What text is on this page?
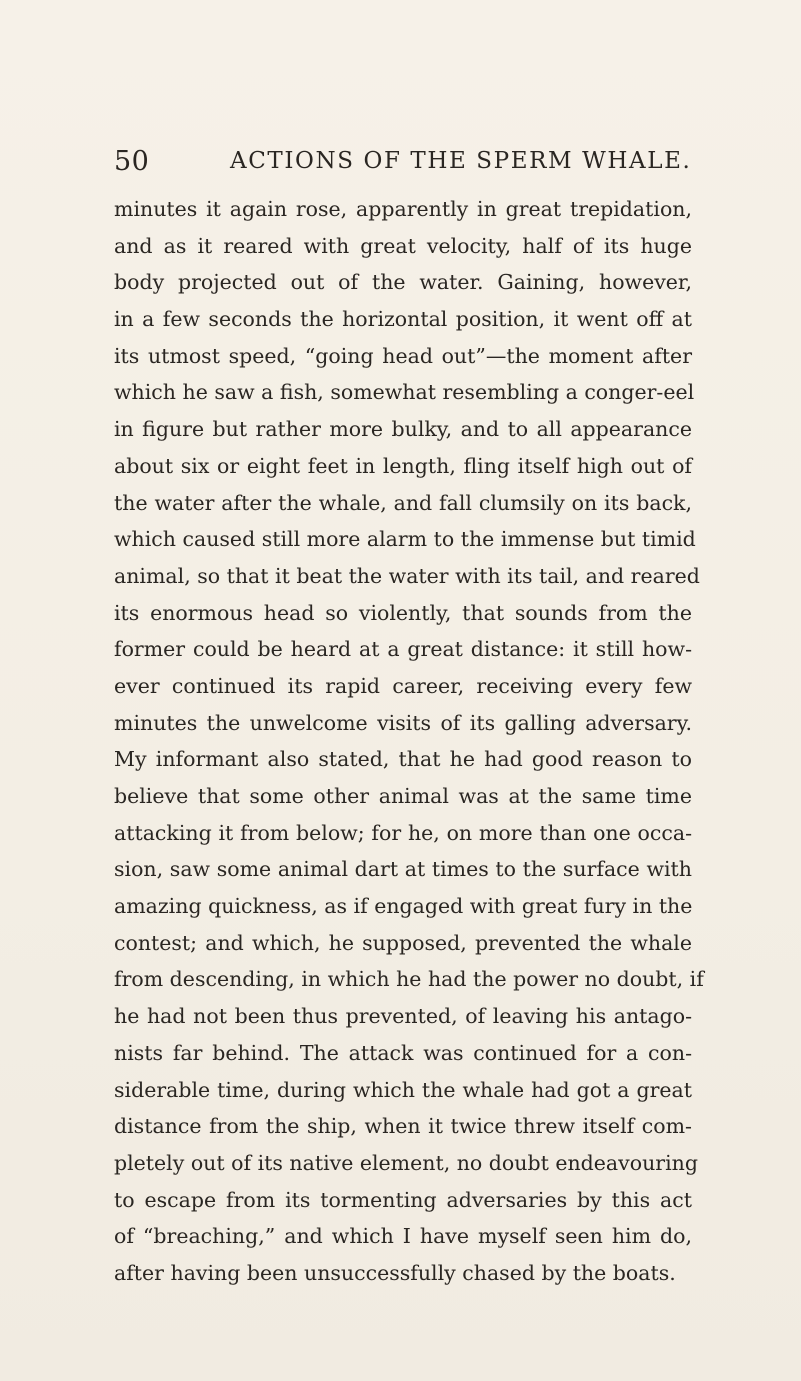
50	ACTIONS OF THE SPERM WHALE.
minutes it again rose, apparently in great trepidation,
and as it reared with great velocity, half of its huge
body projected out of the water. Gaining, however,
in a few seconds the horizontal position, it went off at
its utmost speed, “going head out”—the moment after
which he saw a fish, somewhat resembling a conger-eel
in figure but rather more bulky, and to all appearance
about six or eight feet in length, fling itself high out of
the water after the whale, and fall clumsily on its back,
which caused still more alarm to the immense but timid
animal, so that it beat the water with its tail, and reared
its enormous head so violently, that sounds from the
former could be heard at a great distance: it still how-
ever continued its rapid career, receiving every few
minutes the unwelcome visits of its galling adversary.
My informant also stated, that he had good reason to
believe that some other animal was at the same time
attacking it from below; for he, on more than one occa-
sion, saw some animal dart at times to the surface with
amazing quickness, as if engaged with great fury in the
contest; and which, he supposed, prevented the whale
from descending, in which he had the power no doubt, if
he had not been thus prevented, of leaving his antago-
nists far behind. The attack was continued for a con-
siderable time, during which the whale had got a great
distance from the ship, when it twice threw itself com-
pletely out of its native element, no doubt endeavouring
to escape from its tormenting adversaries by this act
of “breaching,” and which I have myself seen him do,
after having been unsuccessfully chased by the boats.
